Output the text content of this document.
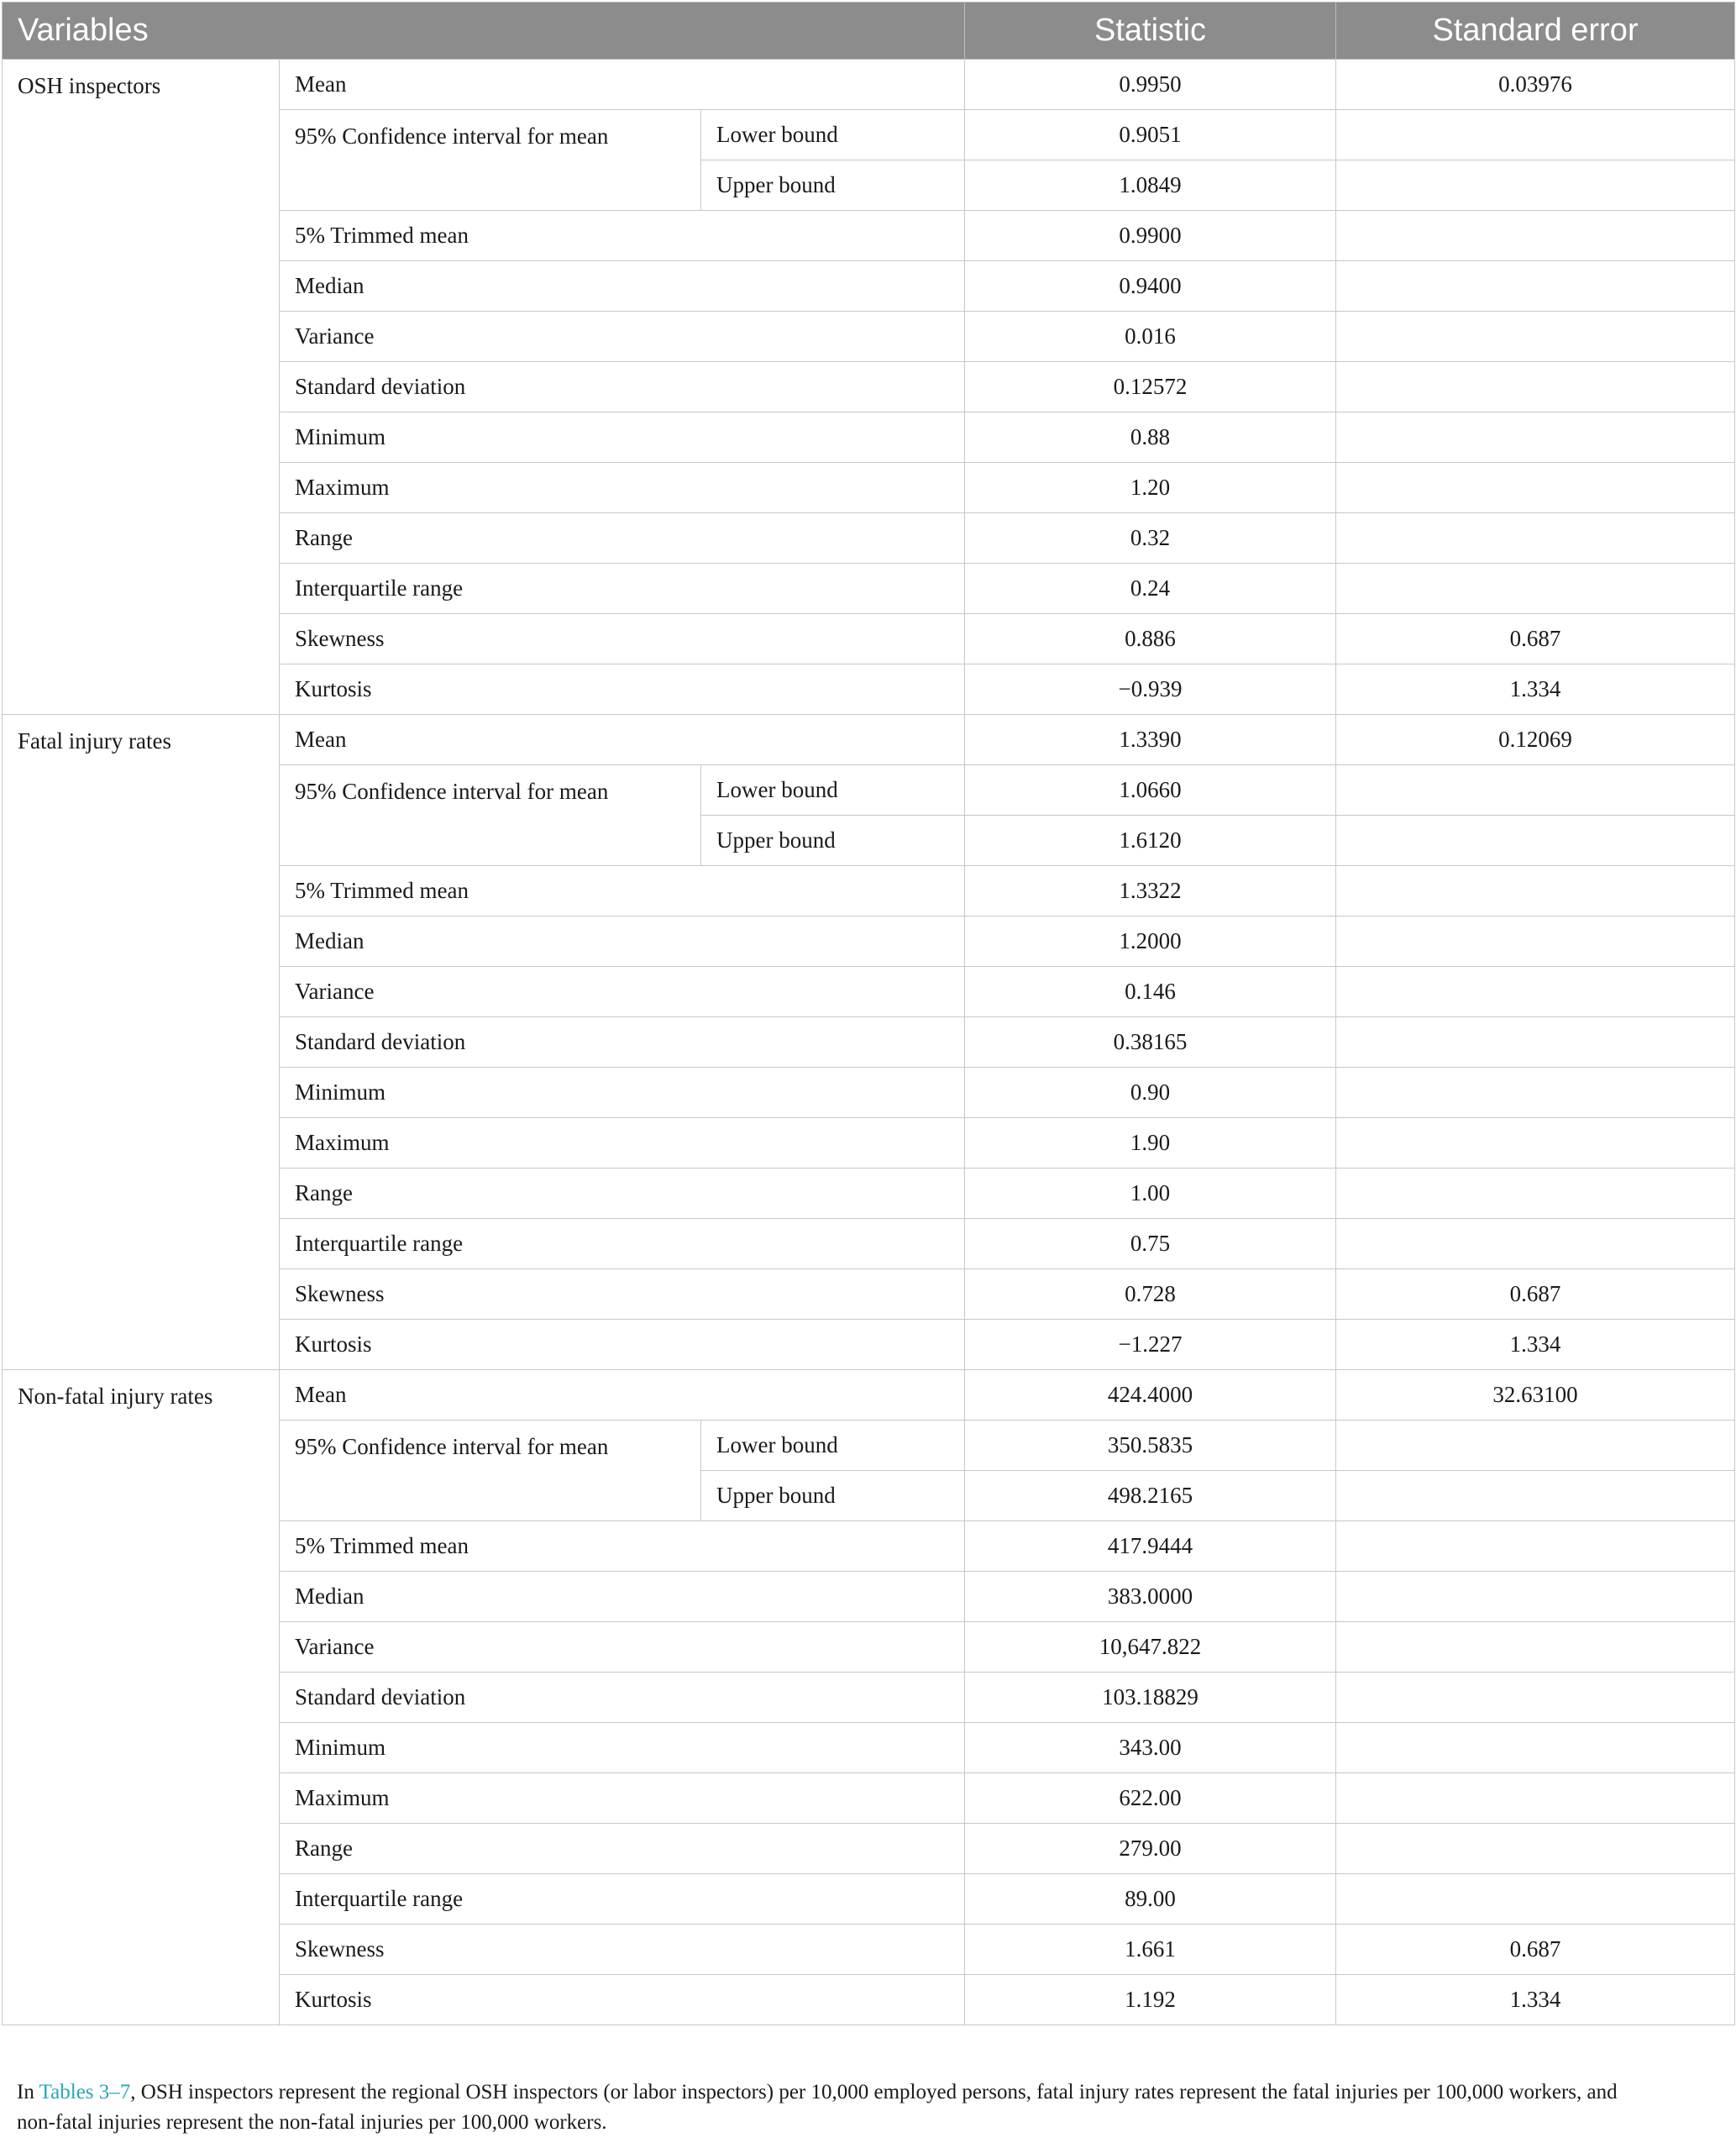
Variables			Statistic	Standard error
OSH inspectors	Mean		0.9950	0.03976
	95% Confidence interval for mean	Lower bound	0.9051	
		Upper bound	1.0849	
	5% Trimmed mean		0.9900	
	Median		0.9400	
	Variance		0.016	
	Standard deviation		0.12572	
	Minimum		0.88	
	Maximum		1.20	
	Range		0.32	
	Interquartile range		0.24	
	Skewness		0.886	0.687
	Kurtosis		−0.939	1.334
Fatal injury rates	Mean		1.3390	0.12069
	95% Confidence interval for mean	Lower bound	1.0660	
		Upper bound	1.6120	
	5% Trimmed mean		1.3322	
	Median		1.2000	
	Variance		0.146	
	Standard deviation		0.38165	
	Minimum		0.90	
	Maximum		1.90	
	Range		1.00	
	Interquartile range		0.75	
	Skewness		0.728	0.687
	Kurtosis		−1.227	1.334
Non-fatal injury rates	Mean		424.4000	32.63100
	95% Confidence interval for mean	Lower bound	350.5835	
		Upper bound	498.2165	
	5% Trimmed mean		417.9444	
	Median		383.0000	
	Variance		10,647.822	
	Standard deviation		103.18829	
	Minimum		343.00	
	Maximum		622.00	
	Range		279.00	
	Interquartile range		89.00	
	Skewness		1.661	0.687
	Kurtosis		1.192	1.334
In Tables 3–7, OSH inspectors represent the regional OSH inspectors (or labor inspectors) per 10,000 employed persons, fatal injury rates represent the fatal injuries per 100,000 workers, and
non-fatal injuries represent the non-fatal injuries per 100,000 workers.
